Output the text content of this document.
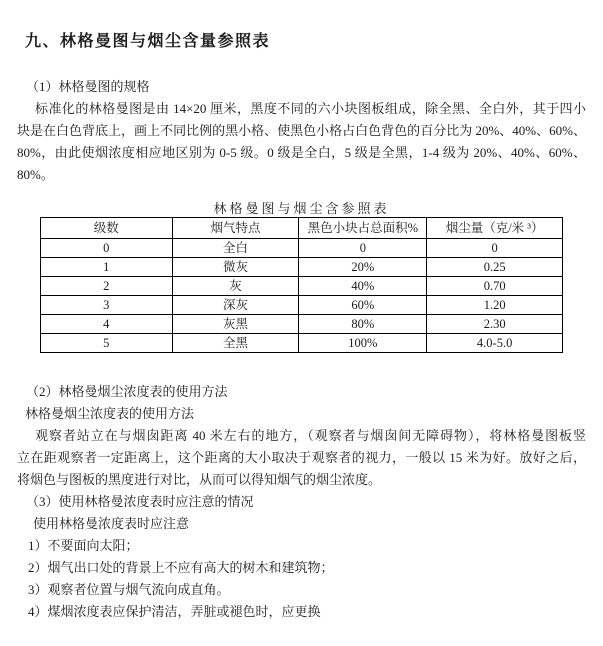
九、林格曼图与烟尘含量参照表
（1）林格曼图的规格
标准化的林格曼图是由 14×20 厘米，黑度不同的六小块图板组成，除全黑、全白外，其于四小
块是在白色背底上，画上不同比例的黑小格、使黑色小格占白色背色的百分比为 20%、40%、60%、
80%，由此使烟浓度相应地区别为 0-5 级。0 级是全白，5 级是全黑，1-4 级为 20%、40%、60%、
80%。
林格曼图与烟尘含参照表
级数	烟气特点	黑色小块占总面积%	烟尘量（克/米 ³）
0	全白	0	0
1	微灰	20%	0.25
2	灰	40%	0.70
3	深灰	60%	1.20
4	灰黑	80%	2.30
5	全黑	100%	4.0-5.0
（2）林格曼烟尘浓度表的使用方法
林格曼烟尘浓度表的使用方法
观察者站立在与烟囱距离 40 米左右的地方，（观察者与烟囱间无障碍物），将林格曼图板竖
立在距观察者一定距离上，这个距离的大小取决于观察者的视力，一般以 15 米为好。放好之后，
将烟色与图板的黑度进行对比，从而可以得知烟气的烟尘浓度。
（3）使用林格曼浓度表时应注意的情况
使用林格曼浓度表时应注意
1）不要面向太阳；
2）烟气出口处的背景上不应有高大的树木和建筑物；
3）观察者位置与烟气流向成直角。
4）煤烟浓度表应保护清洁，弄脏或褪色时，应更换
